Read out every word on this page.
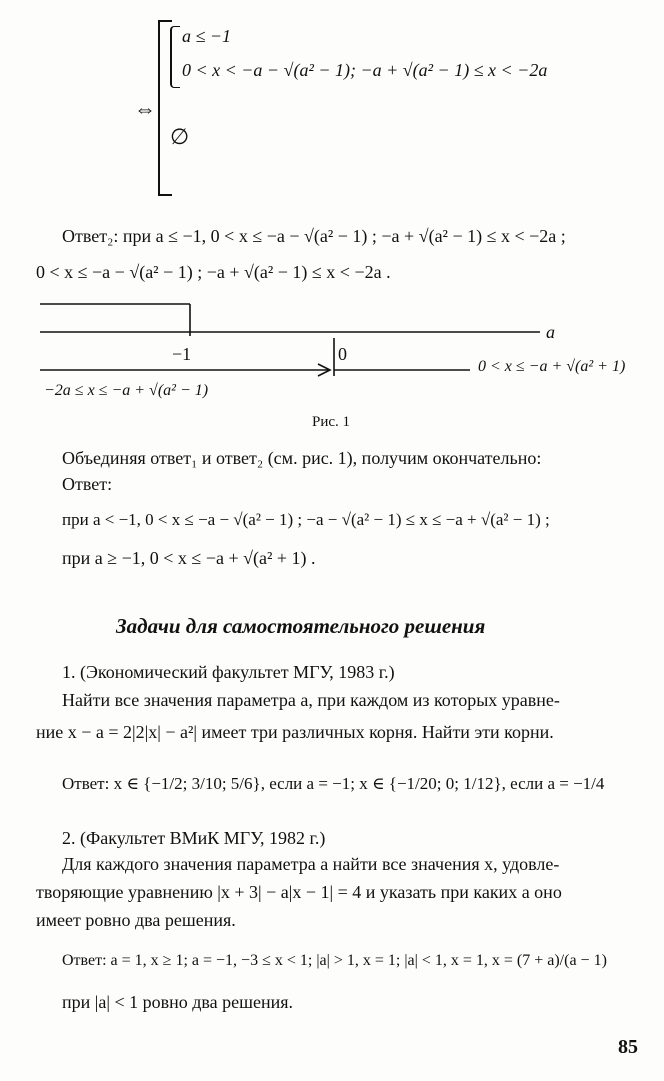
a ≤ −1
0 < x < −a − √(a² − 1); −a + √(a² − 1) ≤ x < −2a
⇔
∅
Ответ₂: при a ≤ −1, 0 < x ≤ −a − √(a² − 1) ; −a + √(a² − 1) ≤ x < −2a ;
0 < x ≤ −a − √(a² − 1) ; −a + √(a² − 1) ≤ x < −2a .
a
−1	0
0 < x ≤ −a + √(a² + 1)
−2a ≤ x ≤ −a + √(a² − 1)
Рис. 1
Объединяя ответ₁ и ответ₂ (см. рис. 1), получим окончательно:
Ответ:
при a < −1, 0 < x ≤ −a − √(a² − 1) ; −a − √(a² − 1) ≤ x ≤ −a + √(a² − 1) ;
при a ≥ −1, 0 < x ≤ −a + √(a² + 1) .
Задачи для самостоятельного решения
1. (Экономический факультет МГУ, 1983 г.)
Найти все значения параметра a, при каждом из которых уравне-
ние x − a = 2|2|x| − a²| имеет три различных корня. Найти эти корни.
Ответ: x ∈ {−1/2; 3/10; 5/6}, если a = −1; x ∈ {−1/20; 0; 1/12}, если a = −1/4
2. (Факультет ВМиК МГУ, 1982 г.)
Для каждого значения параметра a найти все значения x, удовле-
творяющие уравнению |x + 3| − a|x − 1| = 4 и указать при каких a оно
имеет ровно два решения.
Ответ: a = 1, x ≥ 1; a = −1, −3 ≤ x < 1; |a| > 1, x = 1; |a| < 1, x = 1, x = (7 + a)/(a − 1)
при |a| < 1 ровно два решения.
85
